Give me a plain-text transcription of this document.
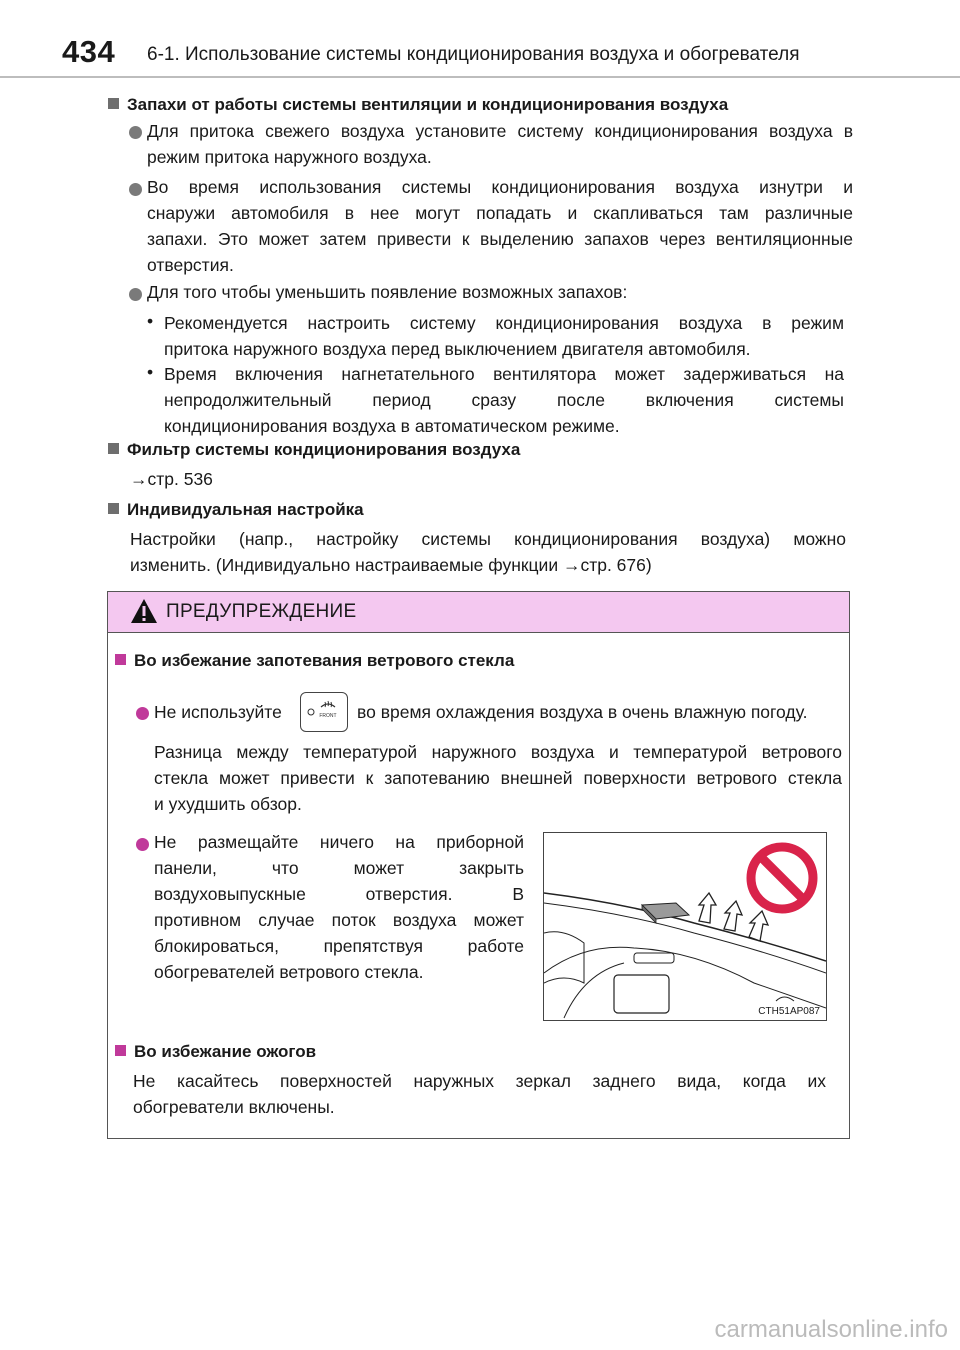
434 6-1. Использование системы кондиционирования воздуха и обогревателя
Запахи от работы системы вентиляции и кондиционирования воздуха
Для притока свежего воздуха установите систему кондиционирования воздуха в
режим притока наружного воздуха.
Во время использования системы кондиционирования воздуха изнутри и
снаружи автомобиля в нее могут попадать и скапливаться там различные
запахи. Это может затем привести к выделению запахов через вентиляционные
отверстия.
Для того чтобы уменьшить появление возможных запахов:
• Рекомендуется настроить систему кондиционирования воздуха в режим
притока наружного воздуха перед выключением двигателя автомобиля.
• Время включения нагнетательного вентилятора может задерживаться на
непродолжительный период сразу после включения системы
кондиционирования воздуха в автоматическом режиме.
Фильтр системы кондиционирования воздуха
→стр. 536
Индивидуальная настройка
Настройки (напр., настройку системы кондиционирования воздуха) можно
изменить. (Индивидуально настраиваемые функции →стр. 676)
ПРЕДУПРЕЖДЕНИЕ
Во избежание запотевания ветрового стекла
Не используйте	FRONT во время охлаждения воздуха в очень влажную погоду.
Разница между температурой наружного воздуха и температурой ветрового
стекла может привести к запотеванию внешней поверхности ветрового стекла
и ухудшить обзор.
Не размещайте ничего на приборной
панели, что может закрыть
воздуховыпускные отверстия. В
противном случае поток воздуха может
блокироваться, препятствуя работе
обогревателей ветрового стекла.
CTH51AP087
Во избежание ожогов
Не касайтесь поверхностей наружных зеркал заднего вида, когда их
обогреватели включены.
carmanualsonline.info
